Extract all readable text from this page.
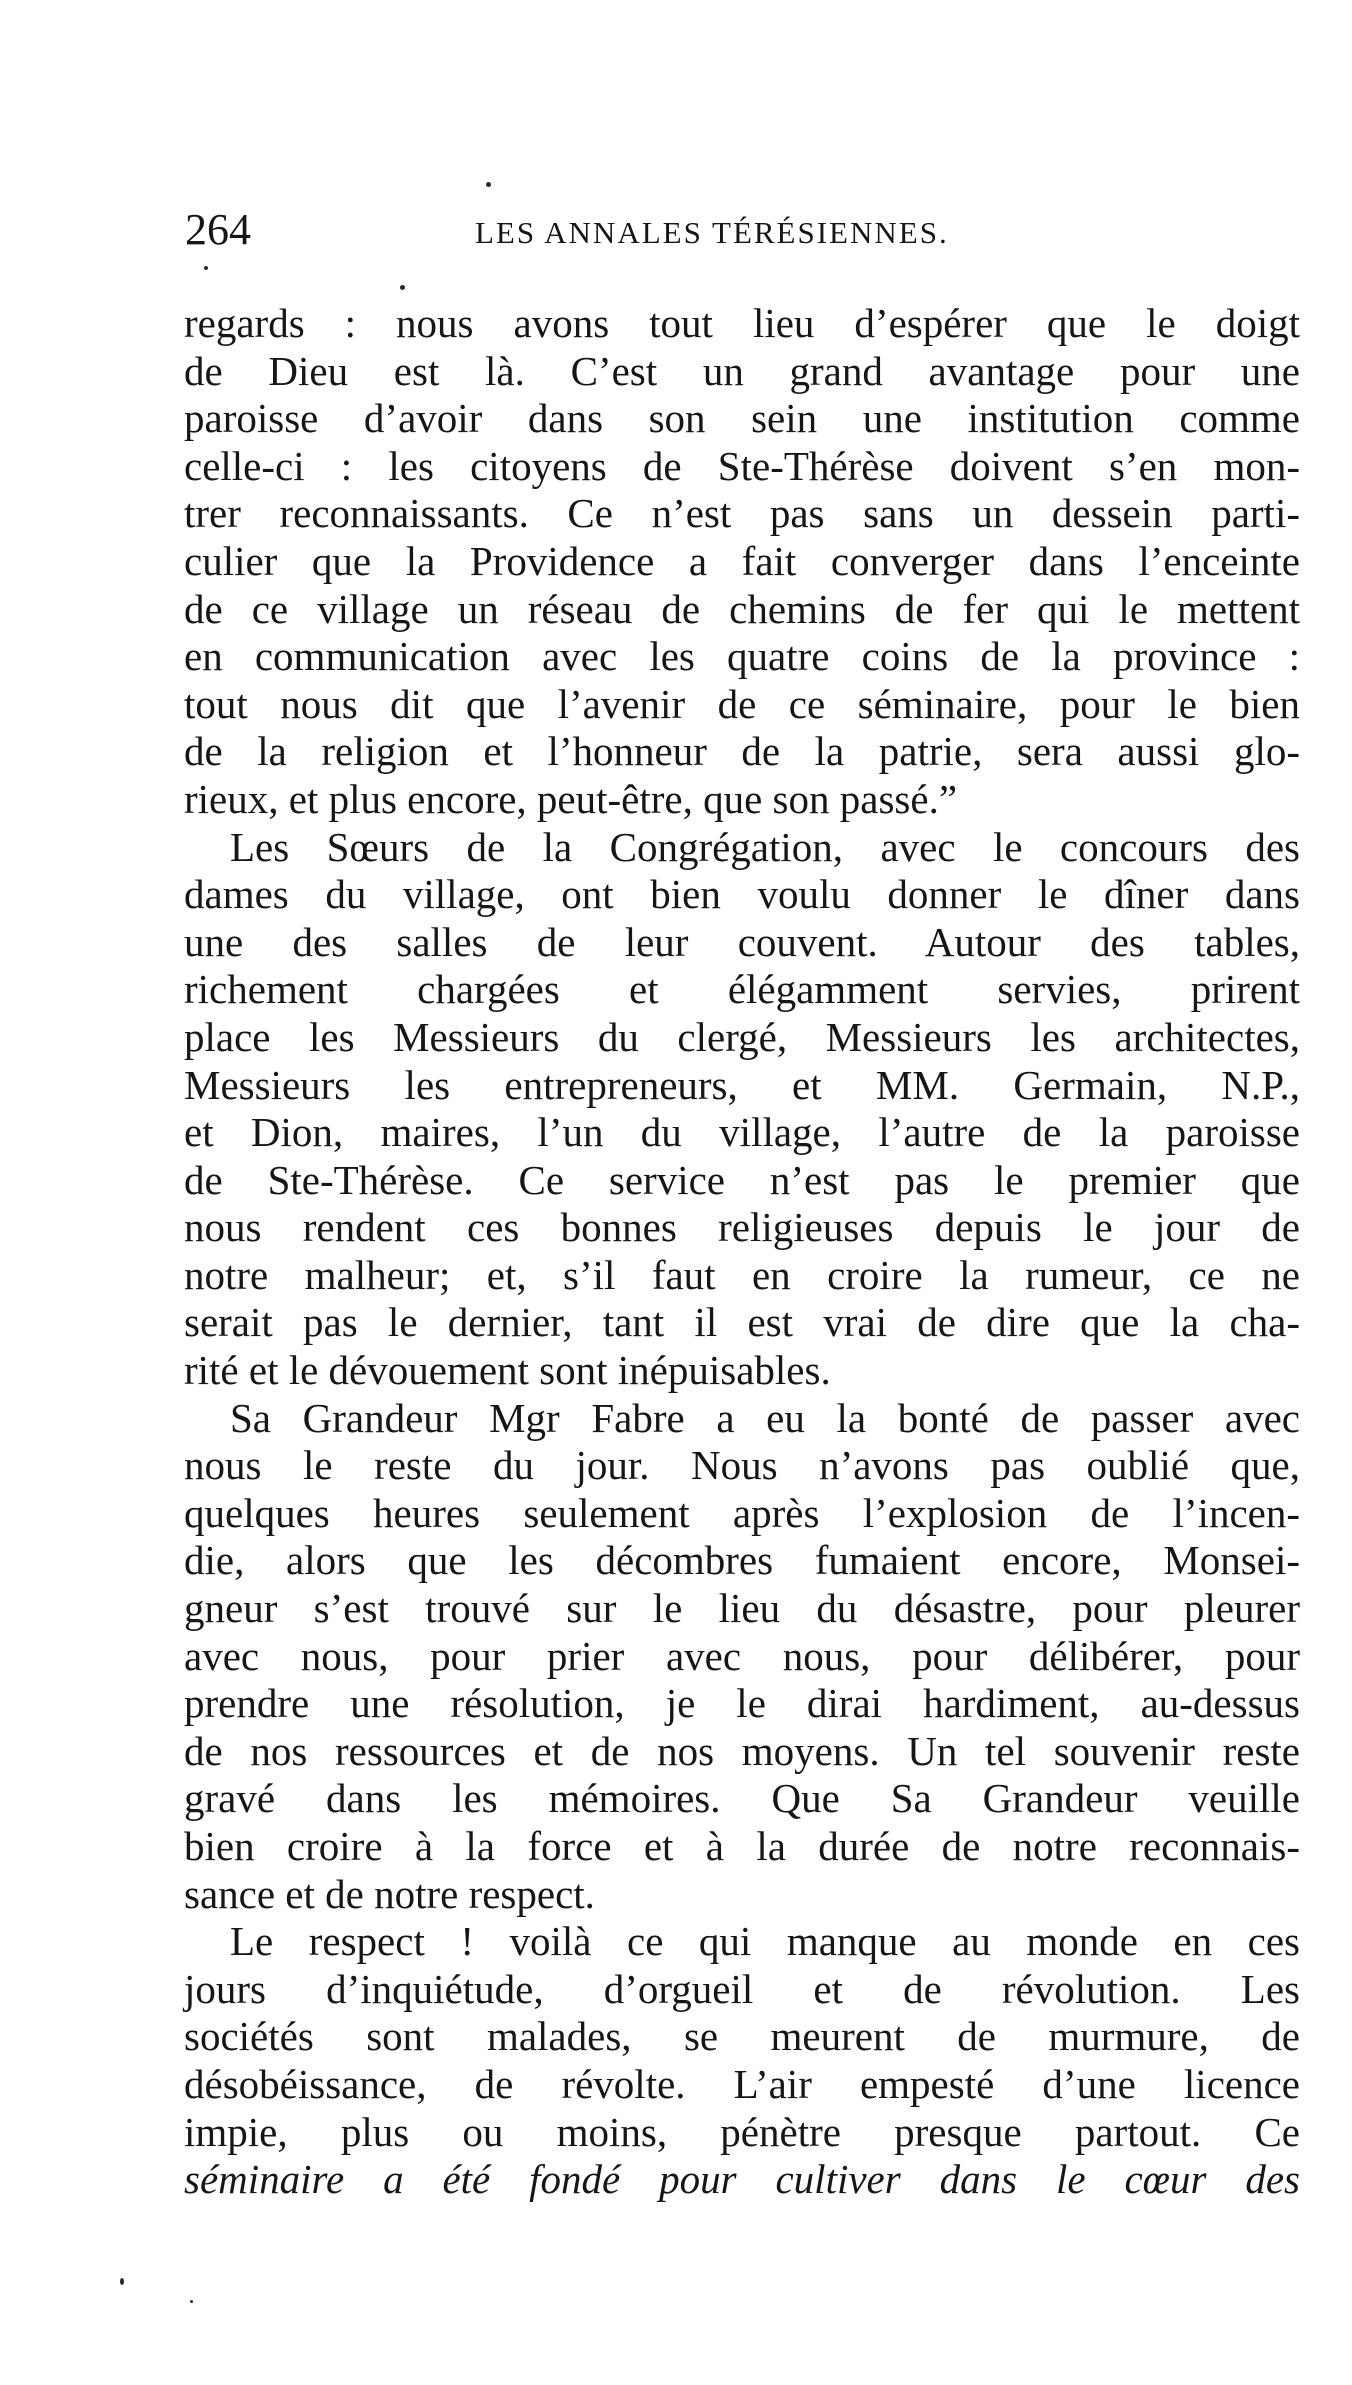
264	LES ANNALES TÉRÉSIENNES.
regards : nous avons tout lieu d’espérer que le doigt
de Dieu est là. C’est un grand avantage pour une
paroisse d’avoir dans son sein une institution comme
celle-ci : les citoyens de Ste-Thérèse doivent s’en mon-
trer reconnaissants. Ce n’est pas sans un dessein parti-
culier que la Providence a fait converger dans l’enceinte
de ce village un réseau de chemins de fer qui le mettent
en communication avec les quatre coins de la province :
tout nous dit que l’avenir de ce séminaire, pour le bien
de la religion et l’honneur de la patrie, sera aussi glo-
rieux, et plus encore, peut-être, que son passé.”
Les Sœurs de la Congrégation, avec le concours des
dames du village, ont bien voulu donner le dîner dans
une des salles de leur couvent. Autour des tables,
richement chargées et élégamment servies, prirent
place les Messieurs du clergé, Messieurs les architectes,
Messieurs les entrepreneurs, et MM. Germain, N.P.,
et Dion, maires, l’un du village, l’autre de la paroisse
de Ste-Thérèse. Ce service n’est pas le premier que
nous rendent ces bonnes religieuses depuis le jour de
notre malheur; et, s’il faut en croire la rumeur, ce ne
serait pas le dernier, tant il est vrai de dire que la cha-
rité et le dévouement sont inépuisables.
Sa Grandeur Mgr Fabre a eu la bonté de passer avec
nous le reste du jour. Nous n’avons pas oublié que,
quelques heures seulement après l’explosion de l’incen-
die, alors que les décombres fumaient encore, Monsei-
gneur s’est trouvé sur le lieu du désastre, pour pleurer
avec nous, pour prier avec nous, pour délibérer, pour
prendre une résolution, je le dirai hardiment, au-dessus
de nos ressources et de nos moyens. Un tel souvenir reste
gravé dans les mémoires. Que Sa Grandeur veuille
bien croire à la force et à la durée de notre reconnais-
sance et de notre respect.
Le respect ! voilà ce qui manque au monde en ces
jours d’inquiétude, d’orgueil et de révolution. Les
sociétés sont malades, se meurent de murmure, de
désobéissance, de révolte. L’air empesté d’une licence
impie, plus ou moins, pénètre presque partout. Ce
séminaire a été fondé pour cultiver dans le cœur des
